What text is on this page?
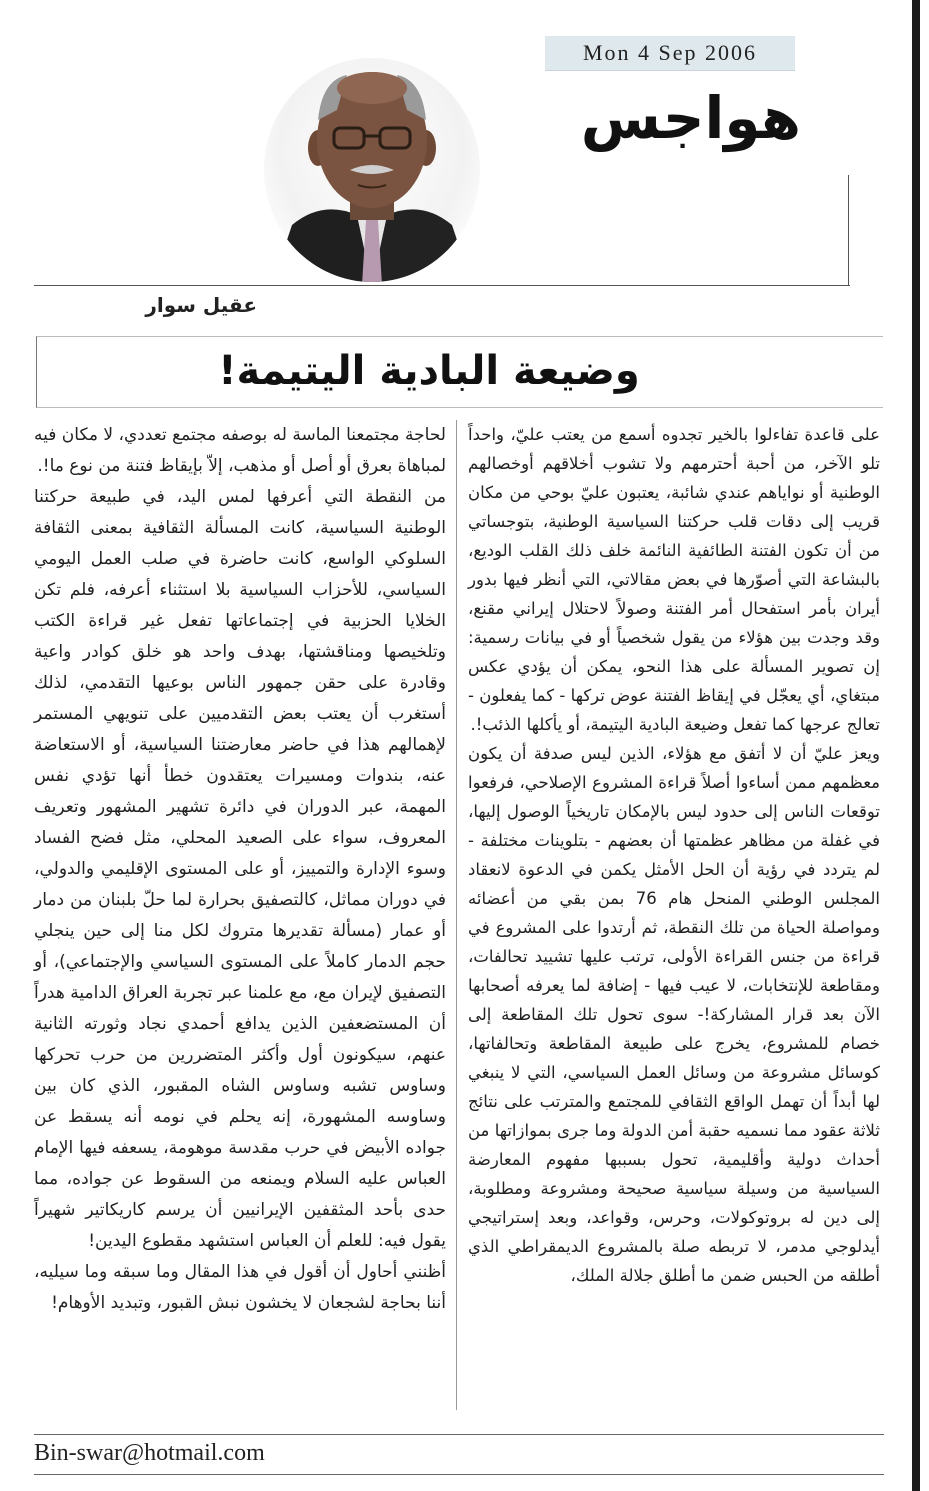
Mon 4 Sep 2006
هواجس
عقيل سوار
وضيعة البادية اليتيمة!

على قاعدة تفاءلوا بالخير تجدوه أسمع من يعتب عليّ، واحداً تلو الآخر، من أحبة أحترمهم ولا تشوب أخلاقهم أوخصالهم الوطنية أو نواياهم عندي شائبة، يعتبون عليّ بوحي من مكان قريب إلى دقات قلب حركتنا السياسية الوطنية، بتوجساتي من أن تكون الفتنة الطائفية النائمة خلف ذلك القلب الوديع، بالبشاعة التي أصوّرها في بعض مقالاتي، التي أنظر فيها بدور أيران بأمر استفحال أمر الفتنة وصولاً لاحتلال إيراني مقنع، وقد وجدت بين هؤلاء من يقول شخصياً أو في بيانات رسمية: إن تصوير المسألة على هذا النحو، يمكن أن يؤدي عكس مبتغاي، أي يعجّل في إيقاظ الفتنة عوض تركها - كما يفعلون - تعالج عرجها كما تفعل وضيعة البادية اليتيمة، أو يأكلها الذئب!.

ويعز عليّ أن لا أتفق مع هؤلاء، الذين ليس صدفة أن يكون معظمهم ممن أساءوا أصلاً قراءة المشروع الإصلاحي، فرفعوا توقعات الناس إلى حدود ليس بالإمكان تاريخياً الوصول إليها، في غفلة من مظاهر عظمتها أن بعضهم - بتلوينات مختلفة - لم يتردد في رؤية أن الحل الأمثل يكمن في الدعوة لانعقاد المجلس الوطني المنحل هام 76 بمن بقي من أعضائه ومواصلة الحياة من تلك النقطة، ثم أرتدوا على المشروع في قراءة من جنس القراءة الأولى، ترتب عليها تشييد تحالفات، ومقاطعة للإنتخابات، لا عيب فيها - إضافة لما يعرفه أصحابها الآن بعد قرار المشاركة!- سوى تحول تلك المقاطعة إلى خصام للمشروع، يخرج على طبيعة المقاطعة وتحالفاتها، كوسائل مشروعة من وسائل العمل السياسي، التي لا ينبغي لها أبداً أن تهمل الواقع الثقافي للمجتمع والمترتب على نتائج ثلاثة عقود مما نسميه حقبة أمن الدولة وما جرى بموازاتها من أحداث دولية وأقليمية، تحول بسببها مفهوم المعارضة السياسية من وسيلة سياسية صحيحة ومشروعة ومطلوبة، إلى دين له بروتوكولات، وحرس، وقواعد، وبعد إستراتيجي أيدلوجي مدمر، لا تربطه صلة بالمشروع الديمقراطي الذي أطلقه من الحبس ضمن ما أطلق جلالة الملك،

لحاجة مجتمعنا الماسة له بوصفه مجتمع تعددي، لا مكان فيه لمباهاة بعرق أو أصل أو مذهب، إلاّ بإيقاظ فتنة من نوع ما!.

من النقطة التي أعرفها لمس اليد، في طبيعة حركتنا الوطنية السياسية، كانت المسألة الثقافية بمعنى الثقافة السلوكي الواسع، كانت حاضرة في صلب العمل اليومي السياسي، للأحزاب السياسية بلا استثناء أعرفه، فلم تكن الخلايا الحزبية في إجتماعاتها تفعل غير قراءة الكتب وتلخيصها ومناقشتها، بهدف واحد هو خلق كوادر واعية وقادرة على حقن جمهور الناس بوعيها التقدمي، لذلك أستغرب أن يعتب بعض التقدميين على تنويهي المستمر لإهمالهم هذا في حاضر معارضتنا السياسية، أو الاستعاضة عنه، بندوات ومسيرات يعتقدون خطأ أنها تؤدي نفس المهمة، عبر الدوران في دائرة تشهير المشهور وتعريف المعروف، سواء على الصعيد المحلي، مثل فضح الفساد وسوء الإدارة والتمييز، أو على المستوى الإقليمي والدولي، في دوران مماثل، كالتصفيق بحرارة لما حلّ بلبنان من دمار أو عمار (مسألة تقديرها متروك لكل منا إلى حين ينجلي حجم الدمار كاملاً على المستوى السياسي والإجتماعي)، أو التصفيق لإيران مع، مع علمنا عبر تجربة العراق الدامية هدراً أن المستضعفين الذين يدافع أحمدي نجاد وثورته الثانية عنهم، سيكونون أول وأكثر المتضررين من حرب تحركها وساوس تشبه وساوس الشاه المقبور، الذي كان بين وساوسه المشهورة، إنه يحلم في نومه أنه يسقط عن جواده الأبيض في حرب مقدسة موهومة، يسعفه فيها الإمام العباس عليه السلام ويمنعه من السقوط عن جواده، مما حدى بأحد المثقفين الإيرانيين أن يرسم كاريكاتير شهيراً يقول فيه: للعلم أن العباس استشهد مقطوع اليدين!

أظنني أحاول أن أقول في هذا المقال وما سبقه وما سيليه، أننا بحاجة لشجعان لا يخشون نبش القبور، وتبديد الأوهام!

Bin-swar@hotmail.com
